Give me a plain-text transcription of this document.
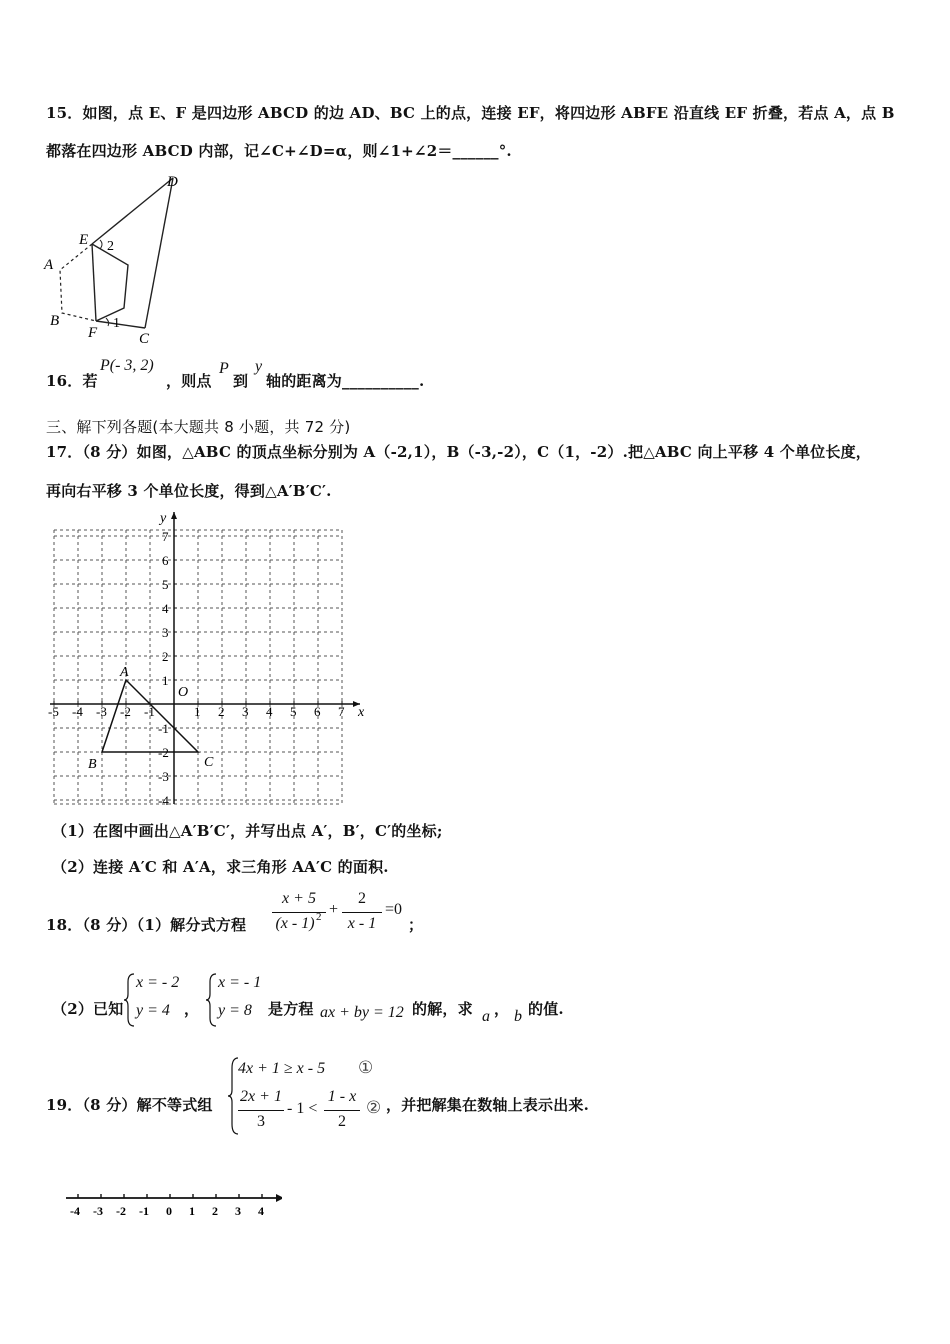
15．如图，点 E、F 是四边形 ABCD 的边 AD、BC 上的点，连接 EF，将四边形 ABFE 沿直线 EF 折叠，若点 A，点 B
都落在四边形 ABCD 内部，记∠C+∠D=α，则∠1+∠2＝______°.
D
E 2
A
B
F
1
C
16．若
P(- 3, 2)
，则点
P
到
y
轴的距离为__________.
三、解下列各题(本大题共 8 小题，共 72 分)
17．（8 分）如图，△ABC 的顶点坐标分别为 A（-2,1），B（-3,-2），C（1，-2）.把△ABC 向上平移 4 个单位长度，
再向右平移 3 个单位长度，得到△A′B′C′.
x
y
O
-5 -4 -3 -2 -1	1 2 3 4 5 6 7
7
6
5
4
3
2
1
-1
-2
-3
-4
A
B	C
（1）在图中画出△A′B′C′，并写出点 A′，B′，C′的坐标;
（2）连接 A′C 和 A′A，求三角形 AA′C 的面积.
18．（8 分）（1）解分式方程
x + 5
(x - 1) 2 +
2
x - 1
=0
；
（2）已知
x = - 2
y = 4 ，
x = - 1
y = 8 是方程 ax + by = 12 的解，求 a ， b 的值.
19．（8 分）解不等式组
4x + 1 ≥ x - 5 ①
2x + 1
3
- 1 <
1 - x
2
② ，并把解集在数轴上表示出来.
-4 -3 -2 -1 0 1 2 3 4
